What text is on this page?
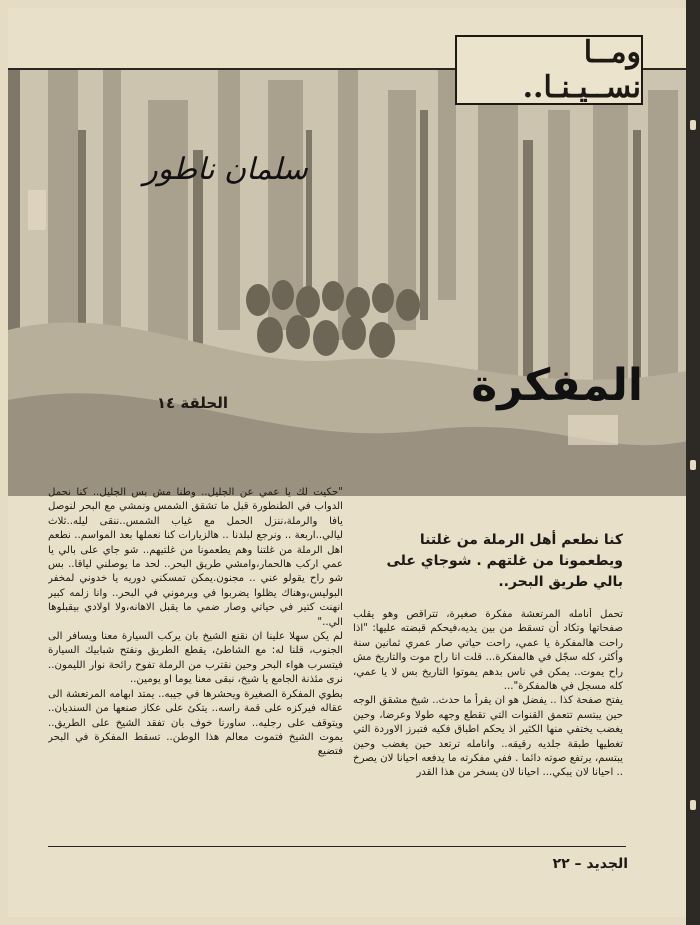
سلمان ناطور
المفكرة
الحلقة ١٤
ومــا نســيـنـا..

"حكيت لك يا عمي عن الجليل.. وطنا مش بس الجليل.. كنا نحمل الدواب في الطنطورة قبل ما تشقق الشمس ونمشي مع البحر لنوصل يافا والرملة،ننزل الحمل مع غياب الشمس..ننقى ليله..ثلاث ليالي..اربعة .. ونرجع لبلدنا .. هالزيارات كنا نعملها بعد المواسم.. نطعم اهل الرملة من غلتنا وهم يطعمونا من غلتيهم.. شو جاي على بالي يا عمي اركب هالحمار،وامشي طريق البحر.. لحد ما يوصلني لياقا.. بس شو راح يقولو عني .. مجنون.يمكن تمسكني دوريه يا خدوني لمخفر البوليس،وهناك يظلوا يضربوا في ويرموني في البحر.. وانا زلمه كبير انهنت كتير في حياتي وصار ضمي ما يقبل الاهانه،ولا اولادي بيقبلوها الي.."

لم يكن سهلا علينا ان نقنع الشيخ بان يركب السيارة معنا ويسافر الى الجنوب، قلنا له: مع الشاطئ، يقطع الطريق ونفتح شبابيك السيارة فيتسرب هواء البحر وحين نقترب من الرملة تفوح رائحة نوار الليمون.. نرى مئذنة الجامع يا شيخ، نبقى معنا يوما او يومين..

بطوي المفكرة الصغيرة ويحشرها في جيبه.. يمتد ابهامه المرتعشة الى عقاله فيركزه على قمة راسه.. يتكئ على عكاز صنعها من السنديان.. ويتوقف على رجليه.. ساورنا خوف بان تفقد الشيخ على الطريق.. يموت الشيخ فتموت معالم هذا الوطن.. تسقط المفكرة في البحر فتضيع

كنا نطعم أهل الرملة من غلتنا ويطعمونا من غلتهم . شوجاي على بالي طريق البحر..

تحمل أنامله المرتعشة مفكرة صغيرة، تتراقص وهو يقلب صفحاتها وتكاد أن تسقط من بين يديه،فيحكم قبضته عليها: "اذا راحت هالمفكرة يا عمي، راحت حياتي صار عمري ثمانين سنة وأكثر، كله سجّل في هالمفكرة... قلت انا راح موت والتاريخ مش راح يموت.. يمكن في ناس بدهم يموتوا التاريخ بس لا يا عمي، كله مسجل في هالمفكرة"...

يفتح صفحة كذا .. يفضل هو ان يقرأ ما حدث.. شيخ مشقق الوجه حين يبتسم تتعمق القنوات التي تقطع وجهه طولا وعرضا، وحين يغضب يختفي منها الكثير اذ يحكم اطباق فكيه فتبرز الاوردة التي تغطيها طبقة جلديه رقيقه.. وانامله ترتعد حين يغضب وحين يبتسم، يرتفع صوته دائما . ففي مفكرته ما يدفعه احيانا لان يصرخ .. احيانا لان يبكي... احيانا لان يسخر من هذا القدر

الجديد – ٢٢
